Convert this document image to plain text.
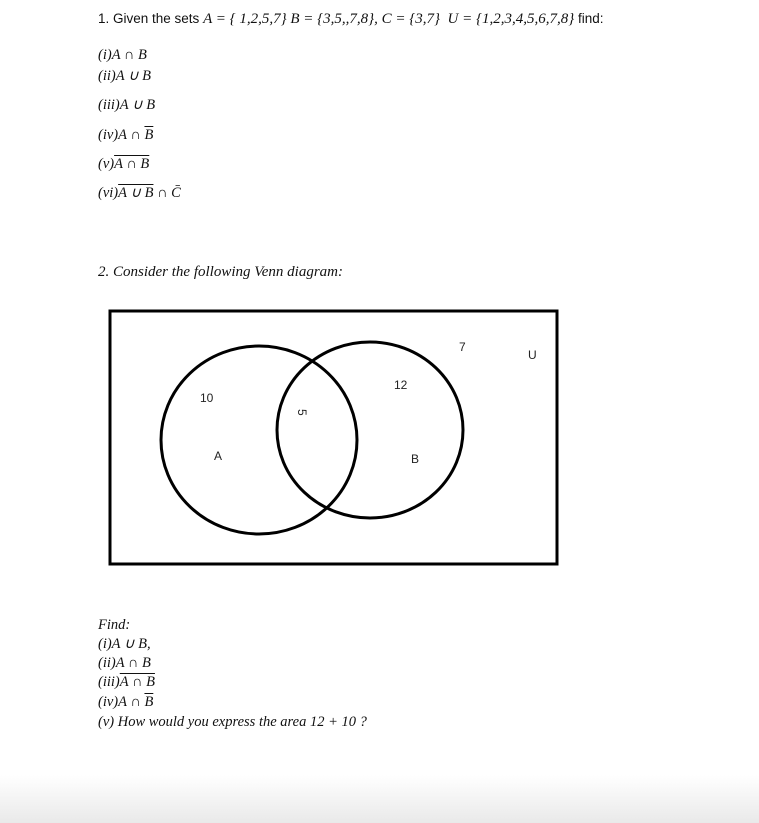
1. Given the sets A = { 1,2,5,7} B = {3,5,,7,8}, C = {3,7} U = {1,2,3,4,5,6,7,8} find:
(i)A ∩ B
(ii)A ∪ B
(iii)A ∪ B
(iv)A ∩ $\overline{B}$
(v)A ∩ B
(vi)A ∪ B ∩ C̄
2. Consider the following Venn diagram:
10
5
12
7
A	B
U
Find:
(i)A ∪ B,
(ii)A ∩ B
(iii)A ∩ B
(iv)A ∩ $\overline{B}$
(v) How would you express the area 12 + 10 ?
